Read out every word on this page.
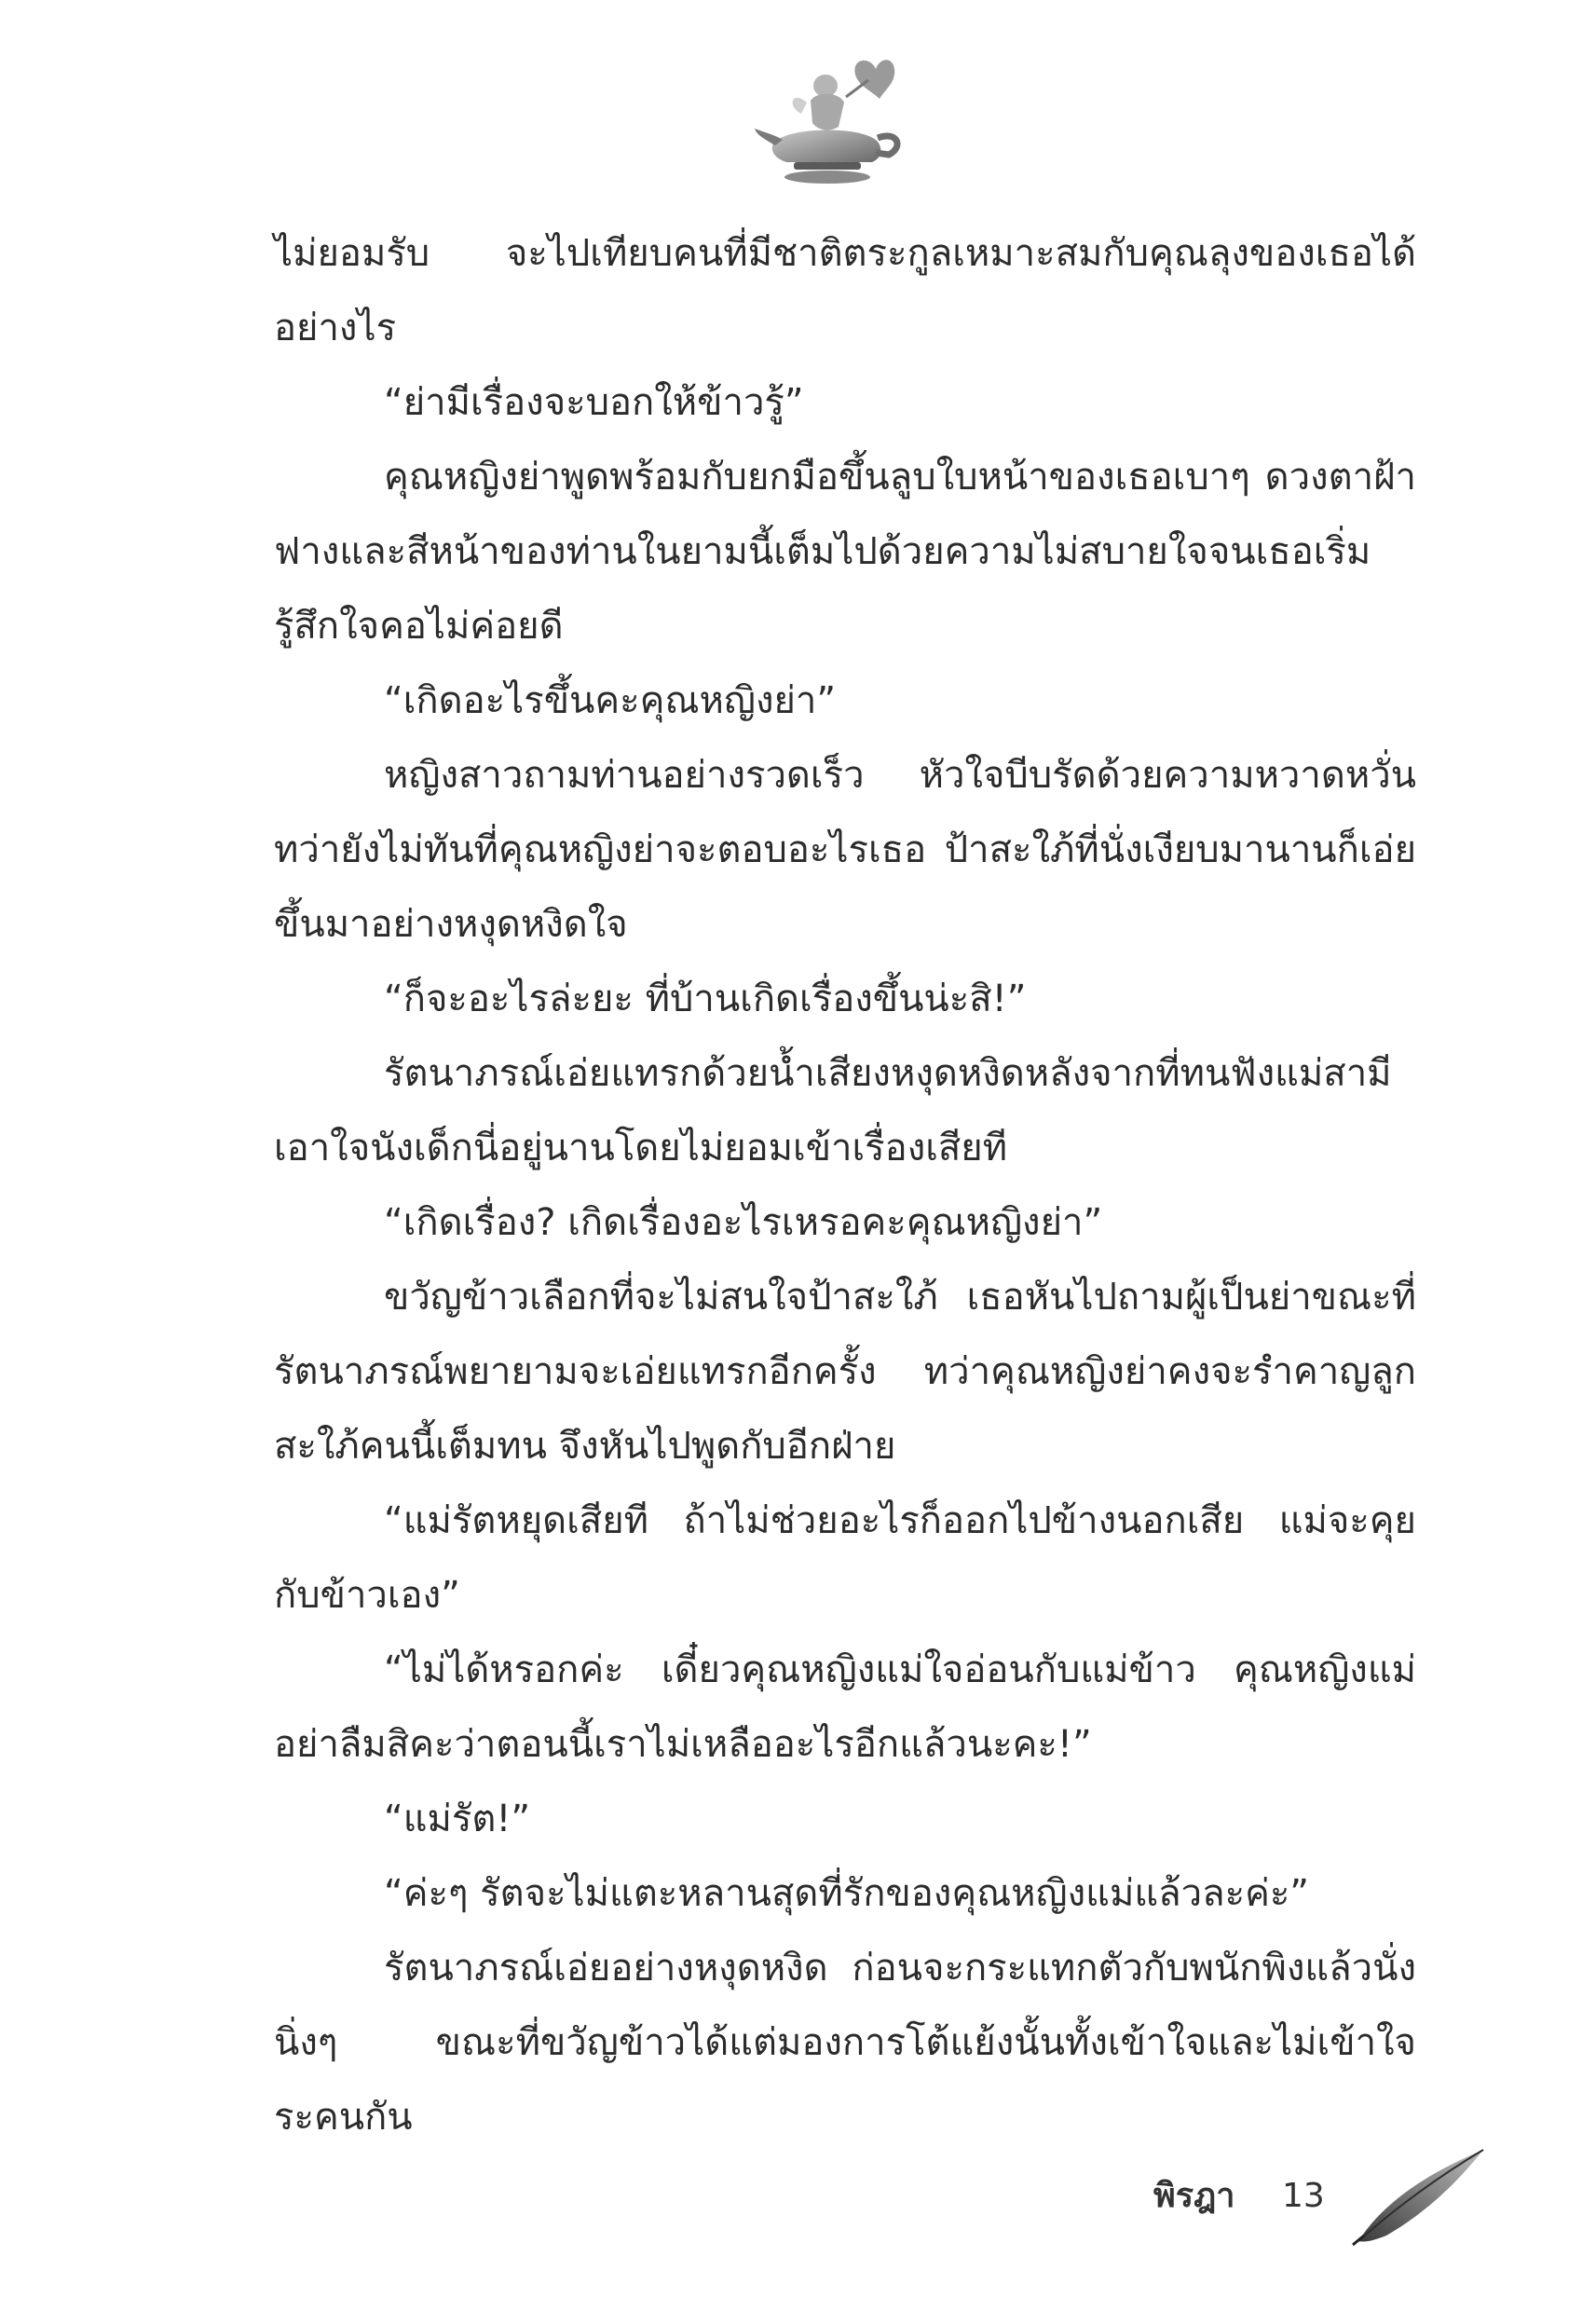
ไม่ยอมรับ จะไปเทียบคนที่มีชาติตระกูลเหมาะสมกับคุณลุงของเธอได้อย่างไร

“ย่ามีเรื่องจะบอกให้ข้าวรู้”

คุณหญิงย่าพูดพร้อมกับยกมือขึ้นลูบใบหน้าของเธอเบาๆ ดวงตาฝ้าฟางและสีหน้าของท่านในยามนี้เต็มไปด้วยความไม่สบายใจจนเธอเริ่มรู้สึกใจคอไม่ค่อยดี

“เกิดอะไรขึ้นคะคุณหญิงย่า”

หญิงสาวถามท่านอย่างรวดเร็ว หัวใจบีบรัดด้วยความหวาดหวั่นทว่ายังไม่ทันที่คุณหญิงย่าจะตอบอะไรเธอ ป้าสะใภ้ที่นั่งเงียบมานานก็เอ่ยขึ้นมาอย่างหงุดหงิดใจ

“ก็จะอะไรล่ะยะ ที่บ้านเกิดเรื่องขึ้นน่ะสิ!”

รัตนาภรณ์เอ่ยแทรกด้วยน้ำเสียงหงุดหงิดหลังจากที่ทนฟังแม่สามีเอาใจนังเด็กนี่อยู่นานโดยไม่ยอมเข้าเรื่องเสียที

“เกิดเรื่อง? เกิดเรื่องอะไรเหรอคะคุณหญิงย่า”

ขวัญข้าวเลือกที่จะไม่สนใจป้าสะใภ้ เธอหันไปถามผู้เป็นย่าขณะที่รัตนาภรณ์พยายามจะเอ่ยแทรกอีกครั้ง ทว่าคุณหญิงย่าคงจะรำคาญลูกสะใภ้คนนี้เต็มทน จึงหันไปพูดกับอีกฝ่าย

“แม่รัตหยุดเสียที ถ้าไม่ช่วยอะไรก็ออกไปข้างนอกเสีย แม่จะคุยกับข้าวเอง”

“ไม่ได้หรอกค่ะ เดี๋ยวคุณหญิงแม่ใจอ่อนกับแม่ข้าว คุณหญิงแม่อย่าลืมสิคะว่าตอนนี้เราไม่เหลืออะไรอีกแล้วนะคะ!”

“แม่รัต!”

“ค่ะๆ รัตจะไม่แตะหลานสุดที่รักของคุณหญิงแม่แล้วละค่ะ”

รัตนาภรณ์เอ่ยอย่างหงุดหงิด ก่อนจะกระแทกตัวกับพนักพิงแล้วนั่งนิ่งๆ ขณะที่ขวัญข้าวได้แต่มองการโต้แย้งนั้นทั้งเข้าใจและไม่เข้าใจระคนกัน

พิรฎา 13
